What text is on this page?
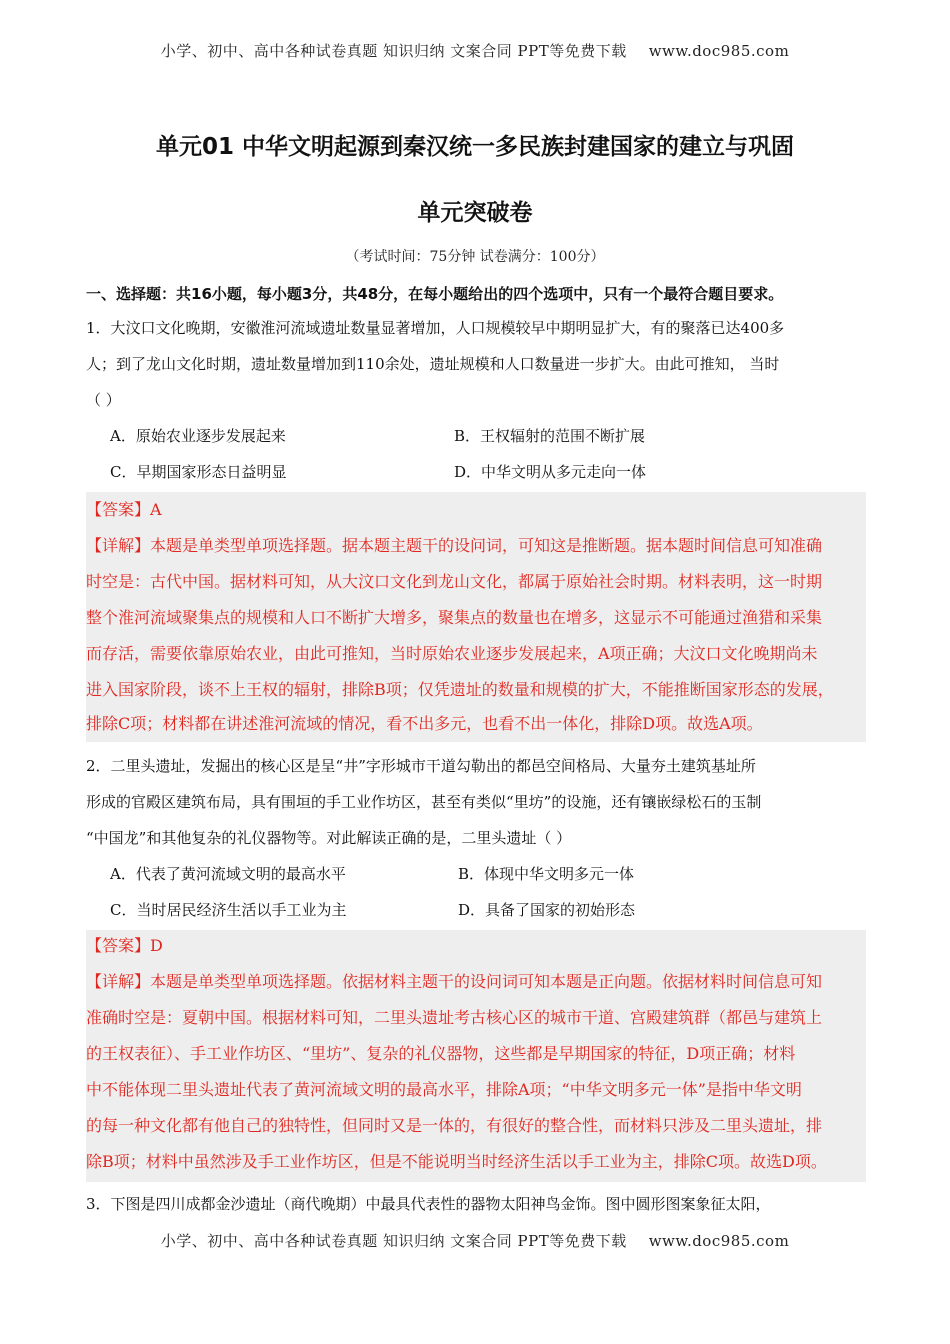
小学、初中、高中各种试卷真题 知识归纳 文案合同 PPT等免费下载 www.doc985.com
单元01 中华文明起源到秦汉统一多民族封建国家的建立与巩固
单元突破卷
（考试时间：75分钟 试卷满分：100分）
一、选择题：共16小题，每小题3分，共48分，在每小题给出的四个选项中，只有一个最符合题目要求。
1．大汶口文化晚期，安徽淮河流域遗址数量显著增加，人口规模较早中期明显扩大，有的聚落已达400多
人；到了龙山文化时期，遗址数量增加到110余处，遗址规模和人口数量进一步扩大。由此可推知， 当时
（ ）
A．原始农业逐步发展起来	B．王权辐射的范围不断扩展
C．早期国家形态日益明显	D．中华文明从多元走向一体
【答案】A
【详解】本题是单类型单项选择题。据本题主题干的设问词，可知这是推断题。据本题时间信息可知准确
时空是：古代中国。据材料可知，从大汶口文化到龙山文化，都属于原始社会时期。材料表明，这一时期
整个淮河流域聚集点的规模和人口不断扩大增多，聚集点的数量也在增多，这显示不可能通过渔猎和采集
而存活，需要依靠原始农业，由此可推知，当时原始农业逐步发展起来，A项正确；大汶口文化晚期尚未
进入国家阶段，谈不上王权的辐射，排除B项；仅凭遗址的数量和规模的扩大，不能推断国家形态的发展，
排除C项；材料都在讲述淮河流域的情况，看不出多元，也看不出一体化，排除D项。故选A项。
2．二里头遗址，发掘出的核心区是呈“井”字形城市干道勾勒出的都邑空间格局、大量夯土建筑基址所
形成的官殿区建筑布局，具有围垣的手工业作坊区，甚至有类似“里坊”的设施，还有镶嵌绿松石的玉制
“中国龙”和其他复杂的礼仪器物等。对此解读正确的是，二里头遗址（ ）
A．代表了黄河流域文明的最高水平	B．体现中华文明多元一体
C．当时居民经济生活以手工业为主	D．具备了国家的初始形态
【答案】D
【详解】本题是单类型单项选择题。依据材料主题干的设问词可知本题是正向题。依据材料时间信息可知
准确时空是：夏朝中国。根据材料可知，二里头遗址考古核心区的城市干道、宫殿建筑群（都邑与建筑上
的王权表征）、手工业作坊区、“里坊”、复杂的礼仪器物，这些都是早期国家的特征，D项正确；材料
中不能体现二里头遗址代表了黄河流域文明的最高水平，排除A项；“中华文明多元一体”是指中华文明
的每一种文化都有他自己的独特性，但同时又是一体的，有很好的整合性，而材料只涉及二里头遗址，排
除B项；材料中虽然涉及手工业作坊区，但是不能说明当时经济生活以手工业为主，排除C项。故选D项。
3．下图是四川成都金沙遗址（商代晚期）中最具代表性的器物太阳神鸟金饰。图中圆形图案象征太阳，
小学、初中、高中各种试卷真题 知识归纳 文案合同 PPT等免费下载 www.doc985.com
